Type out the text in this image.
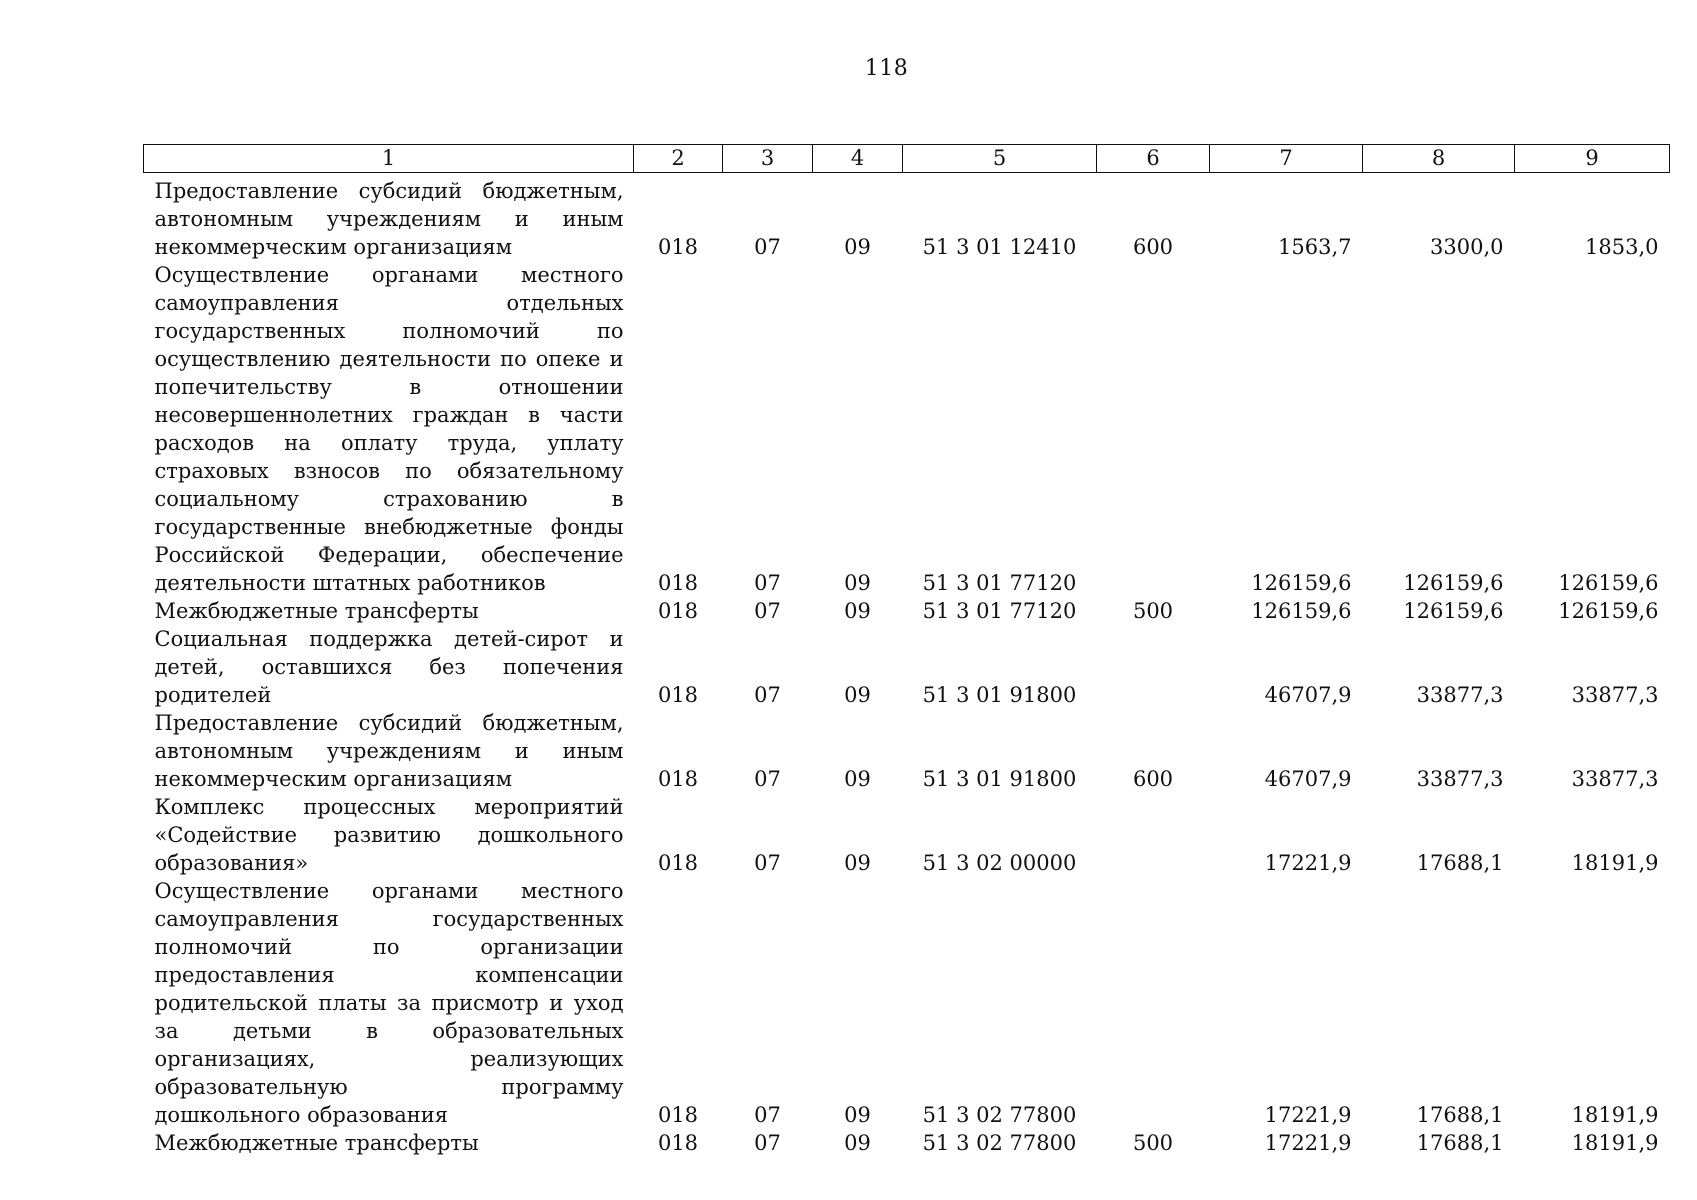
118
1	2	3	4	5	6	7	8	9
Предоставление субсидий бюджетным, автономным учреждениям и иным некоммерческим организациям	018	07	09	51 3 01 12410	600	1563,7	3300,0	1853,0
Осуществление органами местного самоуправления отдельных государственных полномочий по осуществлению деятельности по опеке и попечительству в отношении несовершеннолетних граждан в части расходов на оплату труда, уплату страховых взносов по обязательному социальному страхованию в государственные внебюджетные фонды Российской Федерации, обеспечение деятельности штатных работников	018	07	09	51 3 01 77120		126159,6	126159,6	126159,6
Межбюджетные трансферты	018	07	09	51 3 01 77120	500	126159,6	126159,6	126159,6
Социальная поддержка детей-сирот и детей, оставшихся без попечения родителей	018	07	09	51 3 01 91800		46707,9	33877,3	33877,3
Предоставление субсидий бюджетным, автономным учреждениям и иным некоммерческим организациям	018	07	09	51 3 01 91800	600	46707,9	33877,3	33877,3
Комплекс процессных мероприятий «Содействие развитию дошкольного образования»	018	07	09	51 3 02 00000		17221,9	17688,1	18191,9
Осуществление органами местного самоуправления государственных полномочий по организации предоставления компенсации родительской платы за присмотр и уход за детьми в образовательных организациях, реализующих образовательную программу дошкольного образования	018	07	09	51 3 02 77800		17221,9	17688,1	18191,9
Межбюджетные трансферты	018	07	09	51 3 02 77800	500	17221,9	17688,1	18191,9
